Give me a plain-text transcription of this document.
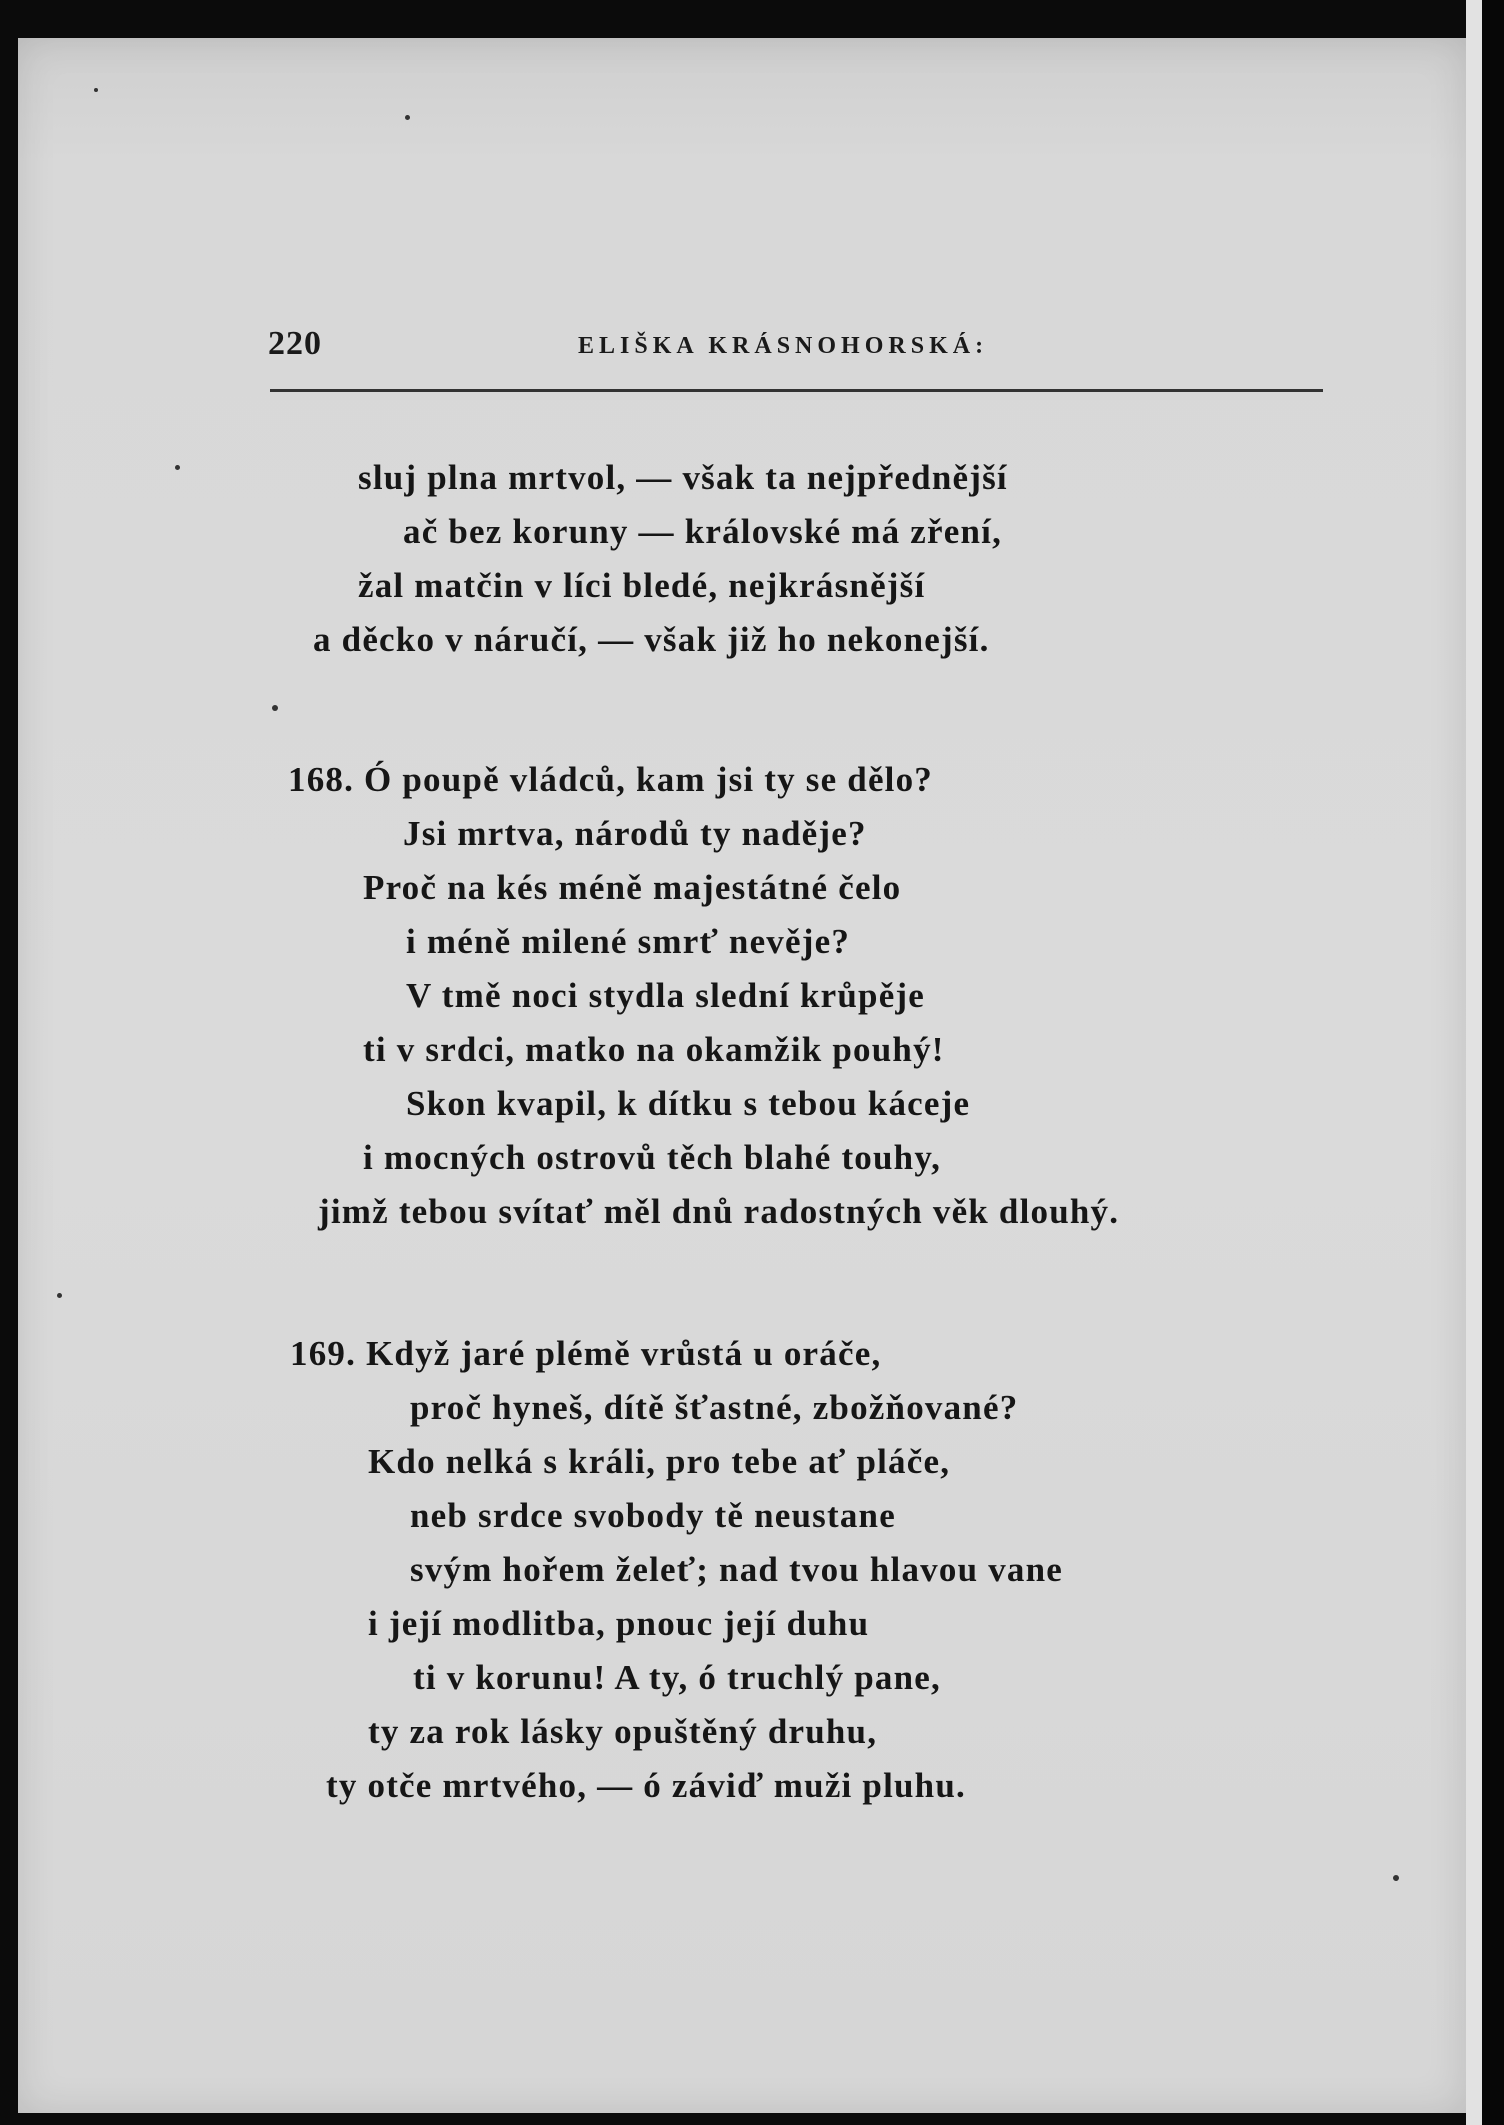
220	ELIŠKA KRÁSNOHORSKÁ:
sluj plna mrtvol, — však ta nejpřednější
ač bez koruny — královské má zření,
žal matčin v líci bledé, nejkrásnější
a děcko v náručí, — však již ho nekonejší.
168. Ó poupě vládců, kam jsi ty se dělo?
Jsi mrtva, národů ty naděje?
Proč na kés méně majestátné čelo
i méně milené smrť nevěje?
V tmě noci stydla slední krůpěje
ti v srdci, matko na okamžik pouhý!
Skon kvapil, k dítku s tebou káceje
i mocných ostrovů těch blahé touhy,
jimž tebou svítať měl dnů radostných věk dlouhý.
169. Když jaré plémě vrůstá u oráče,
proč hyneš, dítě šťastné, zbožňované?
Kdo nelká s králi, pro tebe ať pláče,
neb srdce svobody tě neustane
svým hořem želeť; nad tvou hlavou vane
i její modlitba, pnouc její duhu
ti v korunu! A ty, ó truchlý pane,
ty za rok lásky opuštěný druhu,
ty otče mrtvého, — ó záviď muži pluhu.
